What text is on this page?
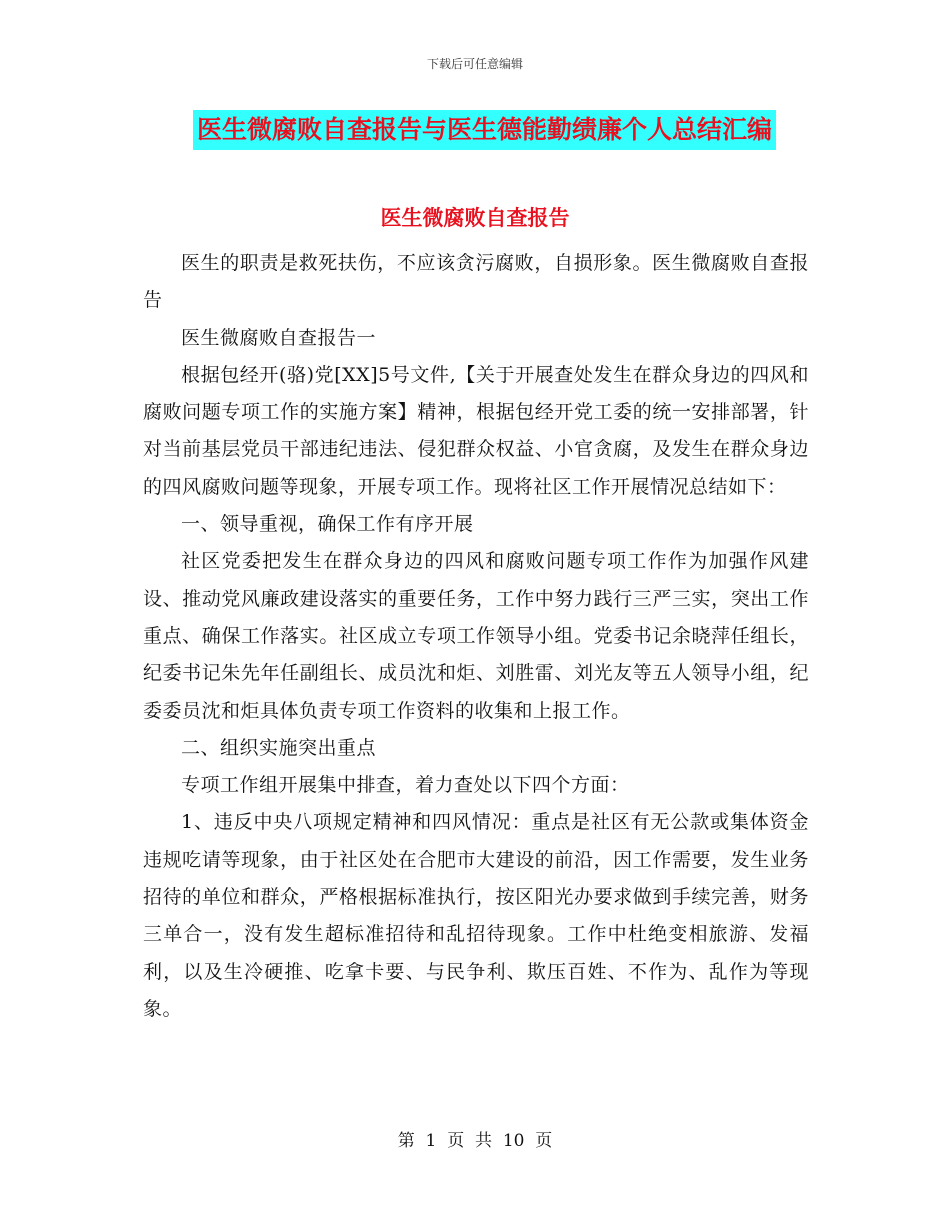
下载后可任意编辑
医生微腐败自查报告与医生德能勤绩廉个人总结汇编
医生微腐败自查报告

医生的职责是救死扶伤，不应该贪污腐败，自损形象。医生微腐败自查报告

医生微腐败自查报告一

根据包经开(骆)党[XX]5号文件,【关于开展查处发生在群众身边的四风和腐败问题专项工作的实施方案】精神，根据包经开党工委的统一安排部署，针对当前基层党员干部违纪违法、侵犯群众权益、小官贪腐，及发生在群众身边的四风腐败问题等现象，开展专项工作。现将社区工作开展情况总结如下：

一、领导重视，确保工作有序开展

社区党委把发生在群众身边的四风和腐败问题专项工作作为加强作风建设、推动党风廉政建设落实的重要任务，工作中努力践行三严三实，突出工作重点、确保工作落实。社区成立专项工作领导小组。党委书记余晓萍任组长，纪委书记朱先年任副组长、成员沈和炬、刘胜雷、刘光友等五人领导小组，纪委委员沈和炬具体负责专项工作资料的收集和上报工作。

二、组织实施突出重点

专项工作组开展集中排查，着力查处以下四个方面：

1、违反中央八项规定精神和四风情况：重点是社区有无公款或集体资金违规吃请等现象，由于社区处在合肥市大建设的前沿，因工作需要，发生业务招待的单位和群众，严格根据标准执行，按区阳光办要求做到手续完善，财务三单合一，没有发生超标准招待和乱招待现象。工作中杜绝变相旅游、发福利，以及生冷硬推、吃拿卡要、与民争利、欺压百姓、不作为、乱作为等现象。

第 1 页 共 10 页
